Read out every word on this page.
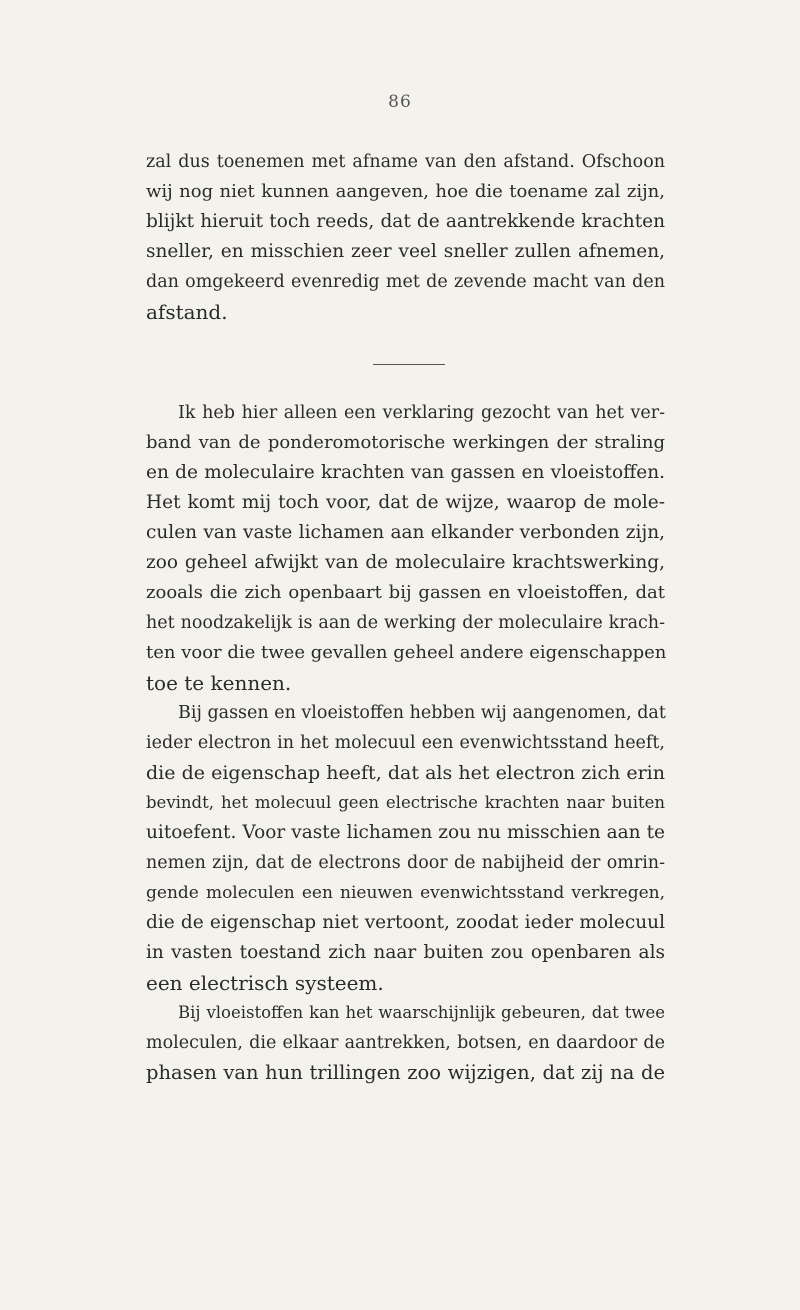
86
zal dus toenemen met afname van den afstand. Ofschoon
wij nog niet kunnen aangeven, hoe die toename zal zijn,
blijkt hieruit toch reeds, dat de aantrekkende krachten
sneller, en misschien zeer veel sneller zullen afnemen,
dan omgekeerd evenredig met de zevende macht van den
afstand.
Ik heb hier alleen een verklaring gezocht van het ver-
band van de ponderomotorische werkingen der straling
en de moleculaire krachten van gassen en vloeistoffen.
Het komt mij toch voor, dat de wijze, waarop de mole-
culen van vaste lichamen aan elkander verbonden zijn,
zoo geheel afwijkt van de moleculaire krachtswerking,
zooals die zich openbaart bij gassen en vloeistoffen, dat
het noodzakelijk is aan de werking der moleculaire krach-
ten voor die twee gevallen geheel andere eigenschappen
toe te kennen.
Bij gassen en vloeistoffen hebben wij aangenomen, dat
ieder electron in het molecuul een evenwichtsstand heeft,
die de eigenschap heeft, dat als het electron zich erin
bevindt, het molecuul geen electrische krachten naar buiten
uitoefent. Voor vaste lichamen zou nu misschien aan te
nemen zijn, dat de electrons door de nabijheid der omrin-
gende moleculen een nieuwen evenwichtsstand verkregen,
die de eigenschap niet vertoont, zoodat ieder molecuul
in vasten toestand zich naar buiten zou openbaren als
een electrisch systeem.
Bij vloeistoffen kan het waarschijnlijk gebeuren, dat twee
moleculen, die elkaar aantrekken, botsen, en daardoor de
phasen van hun trillingen zoo wijzigen, dat zij na de
